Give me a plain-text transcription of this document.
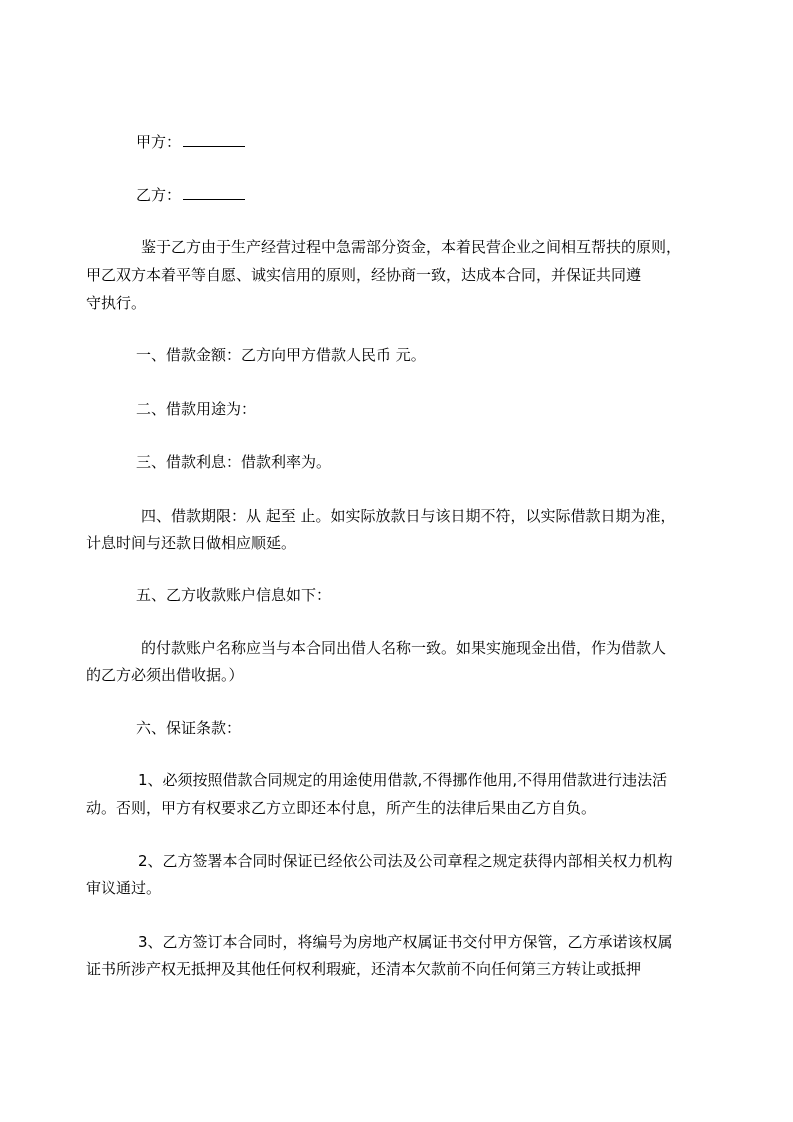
甲方：
乙方：
鉴于乙方由于生产经营过程中急需部分资金，本着民营企业之间相互帮扶的原则，
甲乙双方本着平等自愿、诚实信用的原则，经协商一致，达成本合同，并保证共同遵
守执行。
一、借款金额：乙方向甲方借款人民币 元。
二、借款用途为：
三、借款利息：借款利率为。
四、借款期限：从 起至 止。如实际放款日与该日期不符，以实际借款日期为准，
计息时间与还款日做相应顺延。
五、乙方收款账户信息如下：
的付款账户名称应当与本合同出借人名称一致。如果实施现金出借，作为借款人
的乙方必须出借收据。）
六、保证条款：
1、必须按照借款合同规定的用途使用借款,不得挪作他用,不得用借款进行违法活
动。否则，甲方有权要求乙方立即还本付息，所产生的法律后果由乙方自负。
2、乙方签署本合同时保证已经依公司法及公司章程之规定获得内部相关权力机构
审议通过。
3、乙方签订本合同时，将编号为房地产权属证书交付甲方保管，乙方承诺该权属
证书所涉产权无抵押及其他任何权利瑕疵，还清本欠款前不向任何第三方转让或抵押
